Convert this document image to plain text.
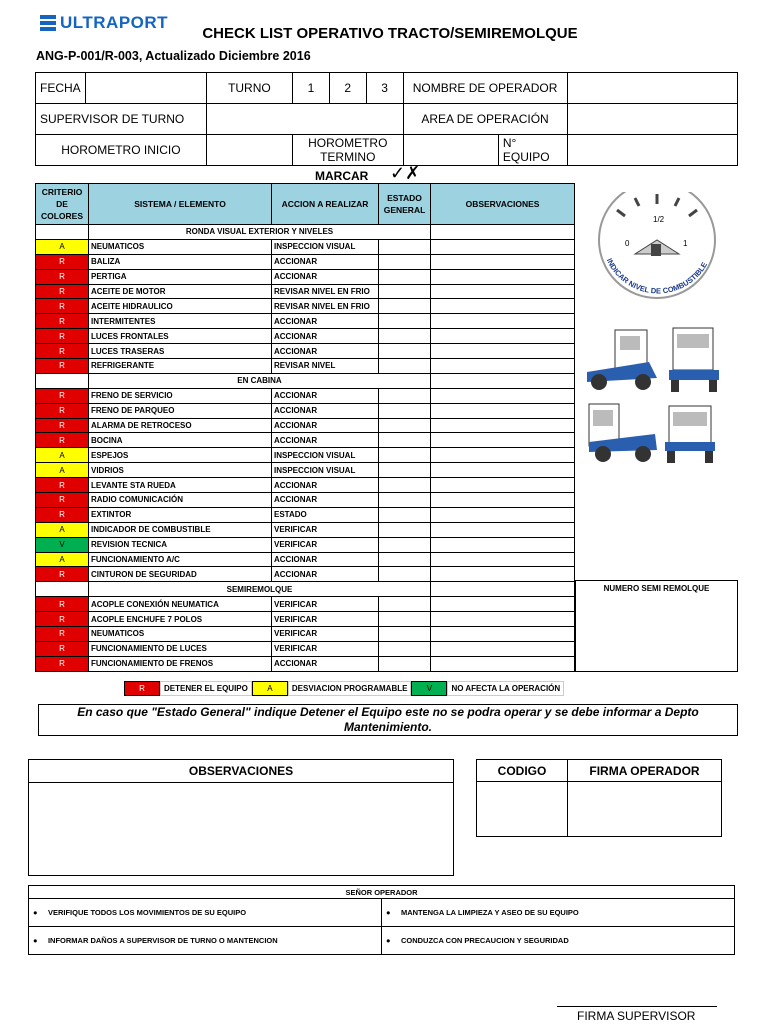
ULTRAPORT
CHECK LIST OPERATIVO TRACTO/SEMIREMOLQUE
ANG-P-001/R-003, Actualizado Diciembre 2016
FECHA		TURNO	1	2	3	NOMBRE DE OPERADOR		
SUPERVISOR DE TURNO						AREA DE OPERACIÓN		
HOROMETRO INICIO			HOROMETRO TERMINO				N° EQUIPO	
MARCAR ✓✗
CRITERIO DE COLORES	SISTEMA / ELEMENTO	ACCION A REALIZAR	ESTADO GENERAL	OBSERVACIONES
	RONDA VISUAL EXTERIOR Y NIVELES			
A	NEUMATICOS	INSPECCION VISUAL		
R	BALIZA	ACCIONAR		
R	PERTIGA	ACCIONAR		
R	ACEITE DE MOTOR	REVISAR NIVEL EN FRIO		
R	ACEITE HIDRAULICO	REVISAR NIVEL EN FRIO		
R	INTERMITENTES	ACCIONAR		
R	LUCES FRONTALES	ACCIONAR		
R	LUCES TRASERAS	ACCIONAR		
R	REFRIGERANTE	REVISAR NIVEL		
	EN CABINA			
R	FRENO DE SERVICIO	ACCIONAR		
R	FRENO DE PARQUEO	ACCIONAR		
R	ALARMA DE RETROCESO	ACCIONAR		
R	BOCINA	ACCIONAR		
A	ESPEJOS	INSPECCION VISUAL		
A	VIDRIOS	INSPECCION VISUAL		
R	LEVANTE STA RUEDA	ACCIONAR		
R	RADIO COMUNICACIÓN	ACCIONAR		
R	EXTINTOR	ESTADO		
A	INDICADOR DE COMBUSTIBLE	VERIFICAR		
V	REVISION TECNICA	VERIFICAR		
A	FUNCIONAMIENTO A/C	ACCIONAR		
R	CINTURON DE SEGURIDAD	ACCIONAR		
	SEMIREMOLQUE			
R	ACOPLE CONEXIÓN NEUMATICA	VERIFICAR		
R	ACOPLE ENCHUFE 7 POLOS	VERIFICAR		
R	NEUMATICOS	VERIFICAR		
R	FUNCIONAMIENTO DE LUCES	VERIFICAR		
R	FUNCIONAMIENTO DE FRENOS	ACCIONAR		
NUMERO SEMI REMOLQUE
1/2
0	1
INDICAR NIVEL DE COMBUSTIBLE
R	DETENER EL EQUIPO	A	DESVIACION PROGRAMABLE	V	NO AFECTA LA OPERACIÓN
En caso que "Estado General" indique Detener el Equipo este no se podra operar y se debe informar a Depto Mantenimiento.
OBSERVACIONES	CODIGO	FIRMA OPERADOR

SEÑOR OPERADOR	
●     VERIFIQUE TODOS LOS MOVIMIENTOS DE SU EQUIPO	●     MANTENGA LA LIMPIEZA Y ASEO DE SU EQUIPO
●     INFORMAR DAÑOS A SUPERVISOR DE TURNO O MANTENCION	●     CONDUZCA CON PRECAUCION Y SEGURIDAD
FIRMA SUPERVISOR
